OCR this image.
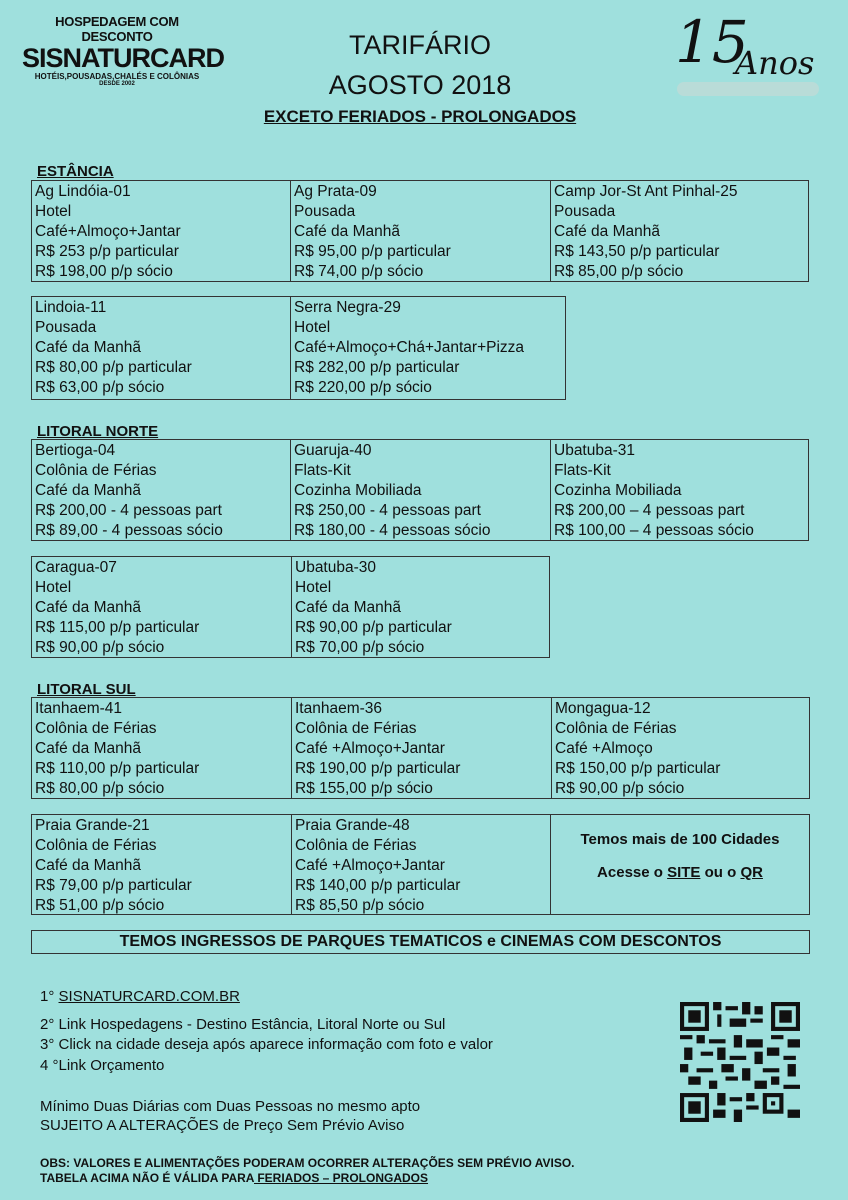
HOSPEDAGEM COM DESCONTO
SISNATURCARD
HOTÉIS,POUSADAS,CHALÉS E COLÔNIAS
DESDE 2002
TARIFÁRIO
AGOSTO 2018
EXCETO FERIADOS - PROLONGADOS
15
Anos
ESTÂNCIA
LITORAL NORTE
LITORAL SUL
Ag Lindóia-01
Hotel
Café+Almoço+Jantar
R$ 253 p/p particular
R$ 198,00 p/p sócio
Ag Prata-09
Pousada
Café da Manhã
R$ 95,00 p/p particular
R$ 74,00 p/p sócio
Camp Jor-St Ant Pinhal-25
Pousada
Café da Manhã
R$ 143,50 p/p particular
R$ 85,00 p/p sócio
Lindoia-11
Pousada
Café da Manhã
R$ 80,00 p/p particular
R$ 63,00 p/p sócio
Serra Negra-29
Hotel
Café+Almoço+Chá+Jantar+Pizza
R$ 282,00 p/p particular
R$ 220,00 p/p sócio
Bertioga-04
Colônia de Férias
Café da Manhã
R$ 200,00 - 4 pessoas part
R$ 89,00 - 4 pessoas sócio
Guaruja-40
Flats-Kit
Cozinha Mobiliada
R$ 250,00 - 4 pessoas part
R$ 180,00 - 4 pessoas sócio
Ubatuba-31
Flats-Kit
Cozinha Mobiliada
R$ 200,00 – 4 pessoas part
R$ 100,00 – 4 pessoas sócio
Caragua-07
Hotel
Café da Manhã
R$ 115,00 p/p particular
R$ 90,00 p/p sócio
Ubatuba-30
Hotel
Café da Manhã
R$ 90,00 p/p particular
R$ 70,00 p/p sócio
Itanhaem-41
Colônia de Férias
Café da Manhã
R$ 110,00 p/p particular
R$ 80,00 p/p sócio
Itanhaem-36
Colônia de Férias
Café +Almoço+Jantar
R$ 190,00 p/p particular
R$ 155,00 p/p sócio
Mongagua-12
Colônia de Férias
Café +Almoço
R$ 150,00 p/p particular
R$ 90,00 p/p sócio
Praia Grande-21
Colônia de Férias
Café da Manhã
R$ 79,00 p/p particular
R$ 51,00 p/p sócio
Praia Grande-48
Colônia de Férias
Café +Almoço+Jantar
R$ 140,00 p/p particular
R$ 85,50 p/p sócio
Temos mais de 100 Cidades
Acesse o SITE ou o QR
TEMOS INGRESSOS DE PARQUES TEMATICOS e CINEMAS COM DESCONTOS
1° SISNATURCARD.COM.BR
2° Link Hospedagens - Destino Estância, Litoral Norte ou Sul
3° Click na cidade deseja após aparece informação com foto e valor
4 °Link Orçamento
Mínimo Duas Diárias com Duas Pessoas no mesmo apto
SUJEITO A ALTERAÇÕES de Preço Sem Prévio Aviso
OBS: VALORES E ALIMENTAÇÕES PODERAM OCORRER ALTERAÇÕES SEM PRÉVIO AVISO.
TABELA ACIMA NÃO É VÁLIDA PARA FERIADOS – PROLONGADOS
